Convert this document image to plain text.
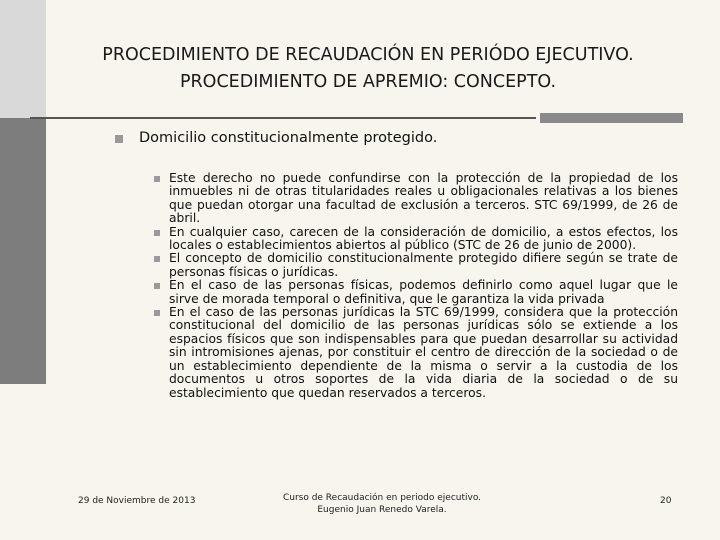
PROCEDIMIENTO DE RECAUDACIÓN EN PERIÓDO EJECUTIVO.
PROCEDIMIENTO DE APREMIO: CONCEPTO.
Domicilio constitucionalmente protegido.
Este derecho no puede confundirse con la protección de la propiedad de los inmuebles ni de otras titularidades reales u obligacionales relativas a los bienes que puedan otorgar una facultad de exclusión a terceros. STC 69/1999, de 26 de abril.
En cualquier caso, carecen de la consideración de domicilio, a estos efectos, los locales o establecimientos abiertos al público (STC de 26 de junio de 2000).
El concepto de domicilio constitucionalmente protegido difiere según se trate de personas físicas o jurídicas.
En el caso de las personas físicas, podemos definirlo como aquel lugar que le sirve de morada temporal o definitiva, que le garantiza la vida privada
En el caso de las personas jurídicas la STC 69/1999, considera que la protección constitucional del domicilio de las personas jurídicas sólo se extiende a los espacios físicos que son indispensables para que puedan desarrollar su actividad sin intromisiones ajenas, por constituir el centro de dirección de la sociedad o de un establecimiento dependiente de la misma o servir a la custodia de los documentos u otros soportes de la vida diaria de la sociedad o de su establecimiento que quedan reservados a terceros.
29 de Noviembre de 2013	Curso de Recaudación en periodo ejecutivo.
Eugenio Juan Renedo Varela.
20
